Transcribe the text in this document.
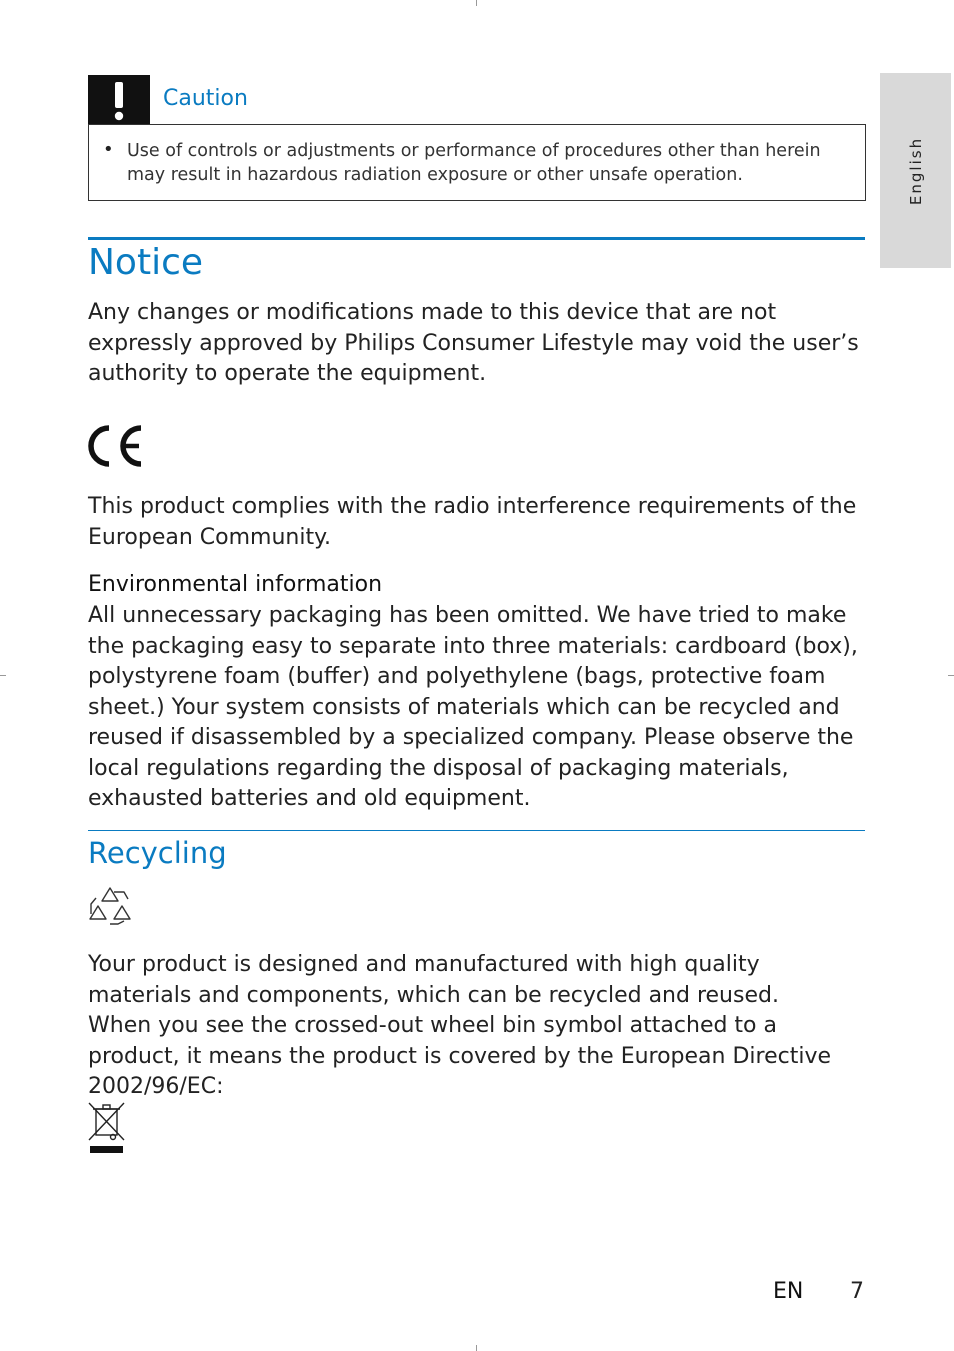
English
Caution
• Use of controls or adjustments or performance of procedures other than herein may result in hazardous radiation exposure or other unsafe operation.
Notice

Any changes or modifications made to this device that are not expressly approved by Philips Consumer Lifestyle may void the user’s authority to operate the equipment.

This product complies with the radio interference requirements of the European Community.

Environmental information

All unnecessary packaging has been omitted. We have tried to make the packaging easy to separate into three materials: cardboard (box), polystyrene foam (buffer) and polyethylene (bags, protective foam sheet.) Your system consists of materials which can be recycled and reused if disassembled by a specialized company. Please observe the local regulations regarding the disposal of packaging materials, exhausted batteries and old equipment.

Recycling

Your product is designed and manufactured with high quality materials and components, which can be recycled and reused.

When you see the crossed-out wheel bin symbol attached to a product, it means the product is covered by the European Directive 2002/96/EC:

EN 7
